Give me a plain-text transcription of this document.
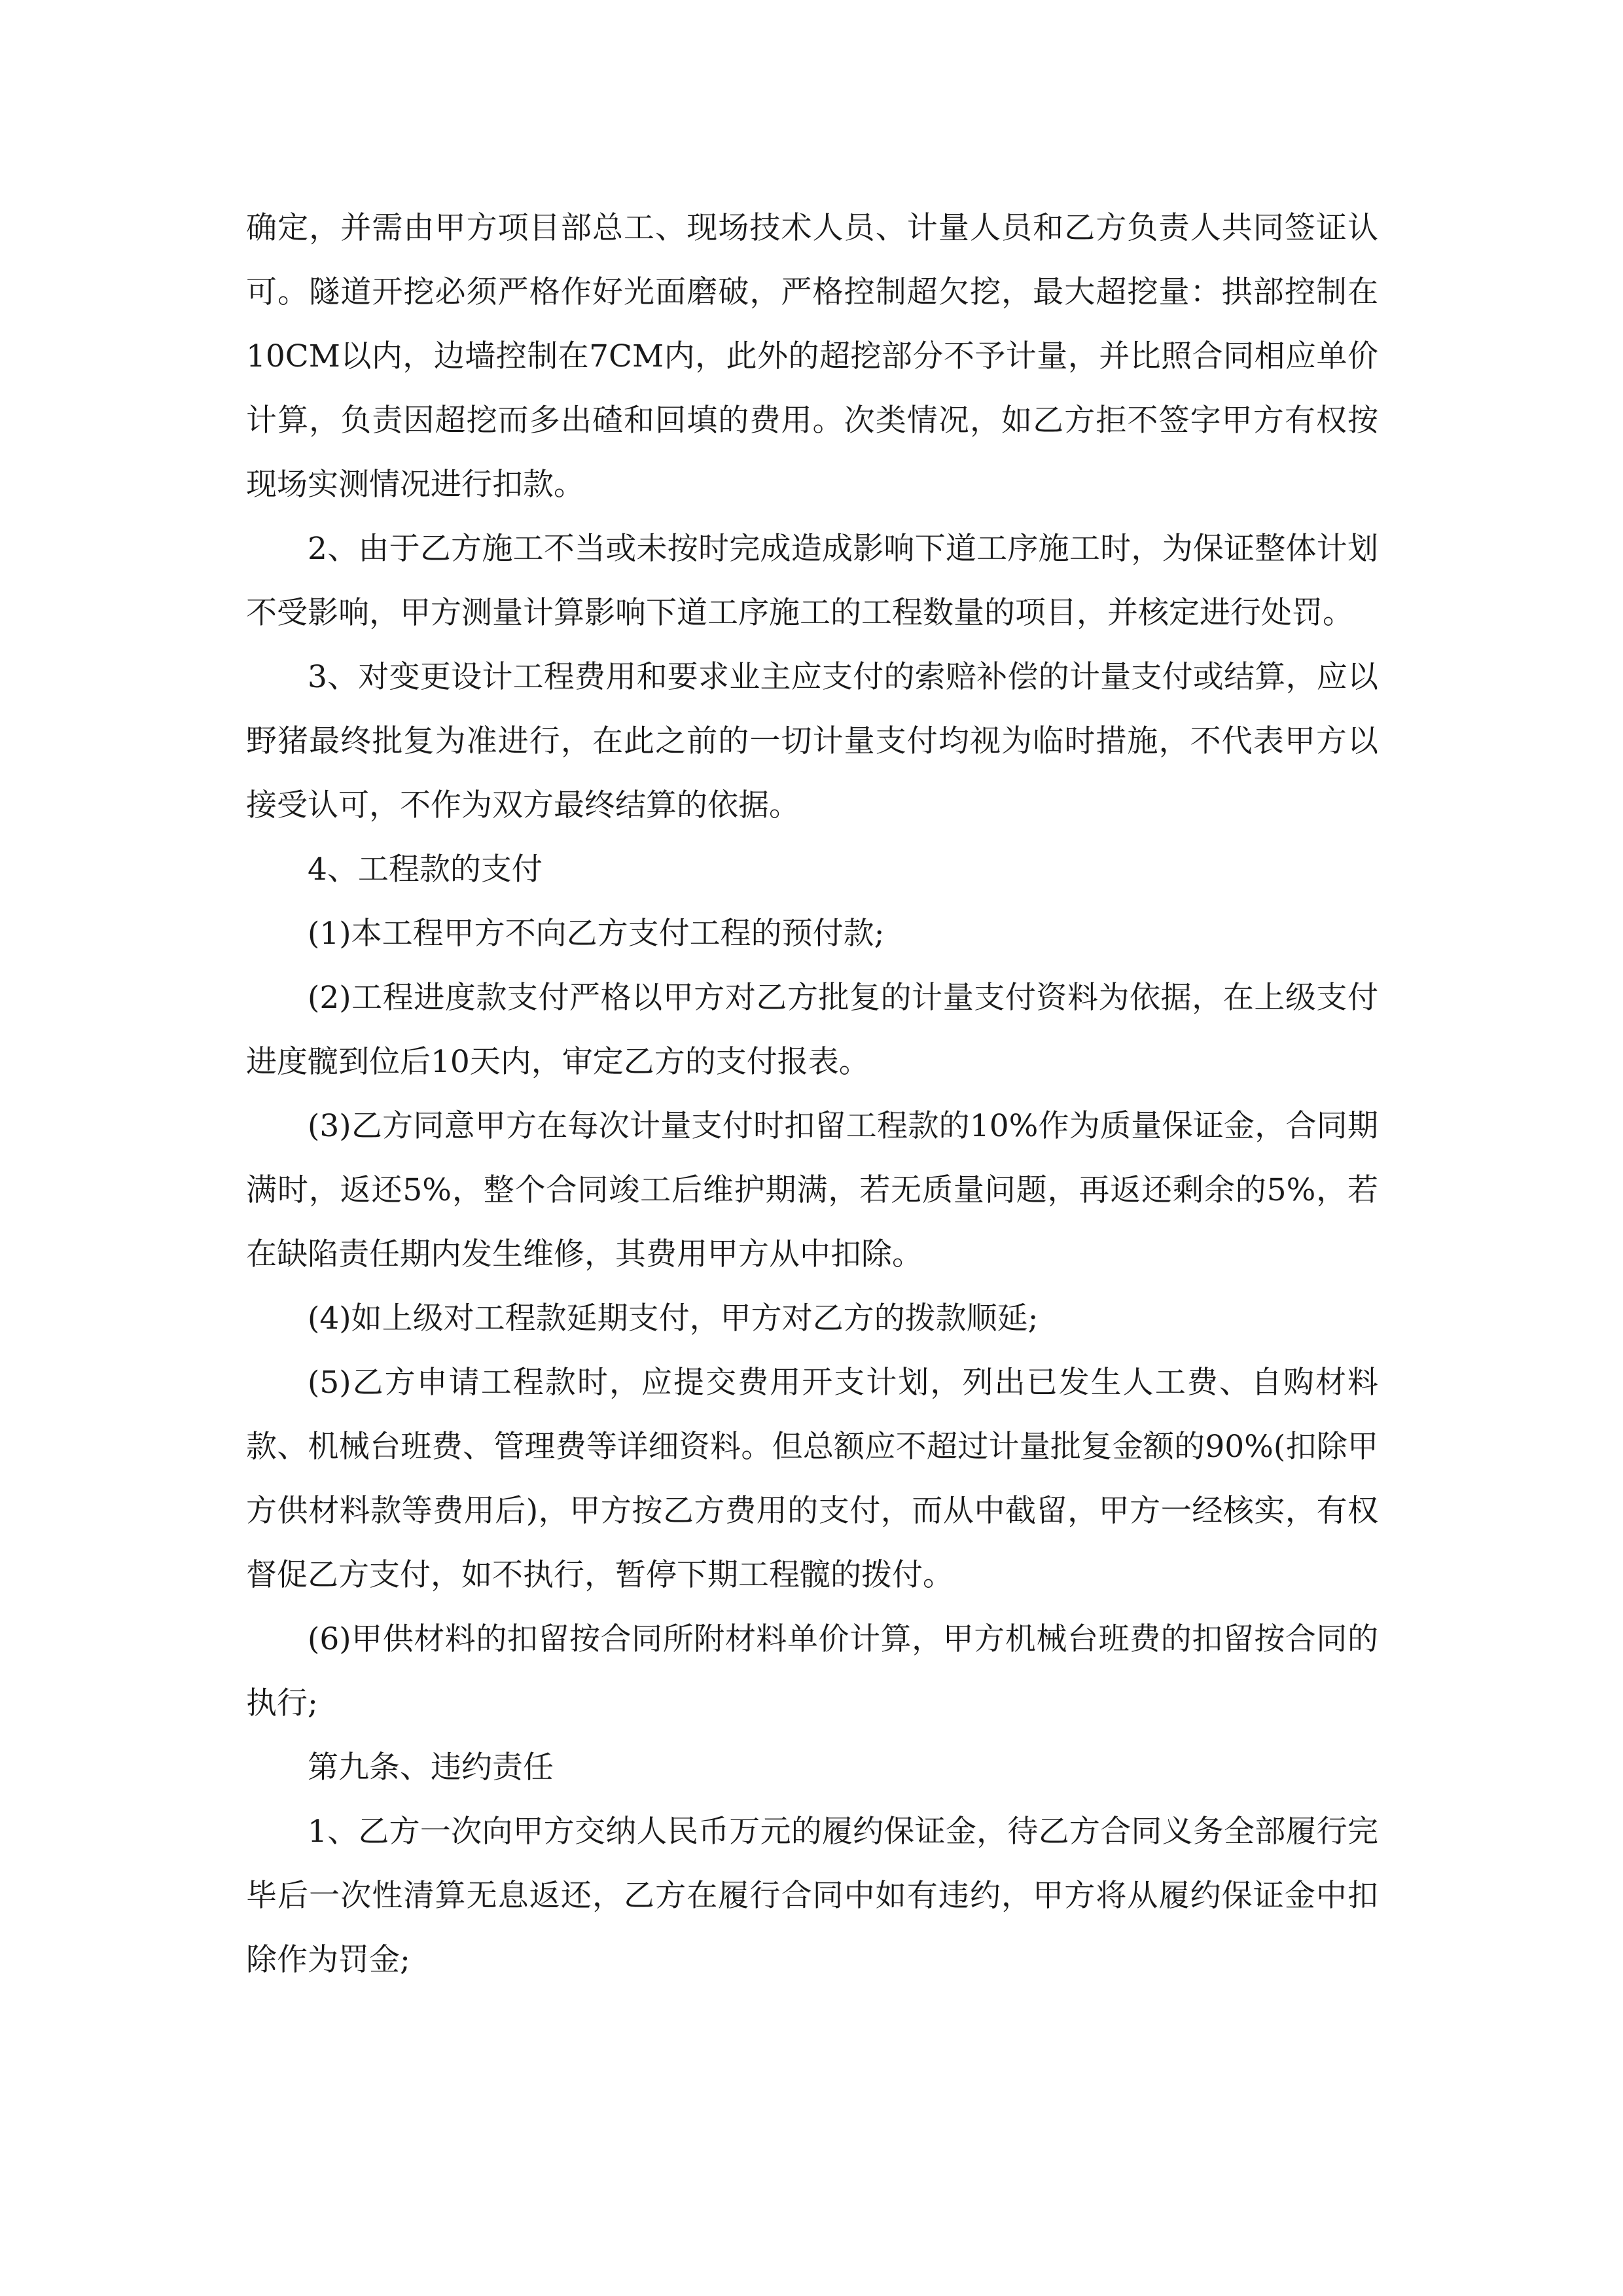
确定，并需由甲方项目部总工、现场技术人员、计量人员和乙方负责人共同签证认可。隧道开挖必须严格作好光面磨破，严格控制超欠挖，最大超挖量：拱部控制在10CM以内，边墙控制在7CM内，此外的超挖部分不予计量，并比照合同相应单价计算，负责因超挖而多出碴和回填的费用。次类情况，如乙方拒不签字甲方有权按现场实测情况进行扣款。

2、由于乙方施工不当或未按时完成造成影响下道工序施工时，为保证整体计划不受影响，甲方测量计算影响下道工序施工的工程数量的项目，并核定进行处罚。

3、对变更设计工程费用和要求业主应支付的索赔补偿的计量支付或结算，应以野猪最终批复为准进行，在此之前的一切计量支付均视为临时措施，不代表甲方以接受认可，不作为双方最终结算的依据。

4、工程款的支付

(1)本工程甲方不向乙方支付工程的预付款;

(2)工程进度款支付严格以甲方对乙方批复的计量支付资料为依据，在上级支付进度髋到位后10天内，审定乙方的支付报表。

(3)乙方同意甲方在每次计量支付时扣留工程款的10%作为质量保证金，合同期满时，返还5%，整个合同竣工后维护期满，若无质量问题，再返还剩余的5%，若在缺陷责任期内发生维修，其费用甲方从中扣除。

(4)如上级对工程款延期支付，甲方对乙方的拨款顺延;

(5)乙方申请工程款时，应提交费用开支计划，列出已发生人工费、自购材料款、机械台班费、管理费等详细资料。但总额应不超过计量批复金额的90%(扣除甲方供材料款等费用后)，甲方按乙方费用的支付，而从中截留，甲方一经核实，有权督促乙方支付，如不执行，暂停下期工程髋的拨付。

(6)甲供材料的扣留按合同所附材料单价计算，甲方机械台班费的扣留按合同的执行;

第九条、违约责任

1、乙方一次向甲方交纳人民币万元的履约保证金，待乙方合同义务全部履行完毕后一次性清算无息返还，乙方在履行合同中如有违约，甲方将从履约保证金中扣除作为罚金;
